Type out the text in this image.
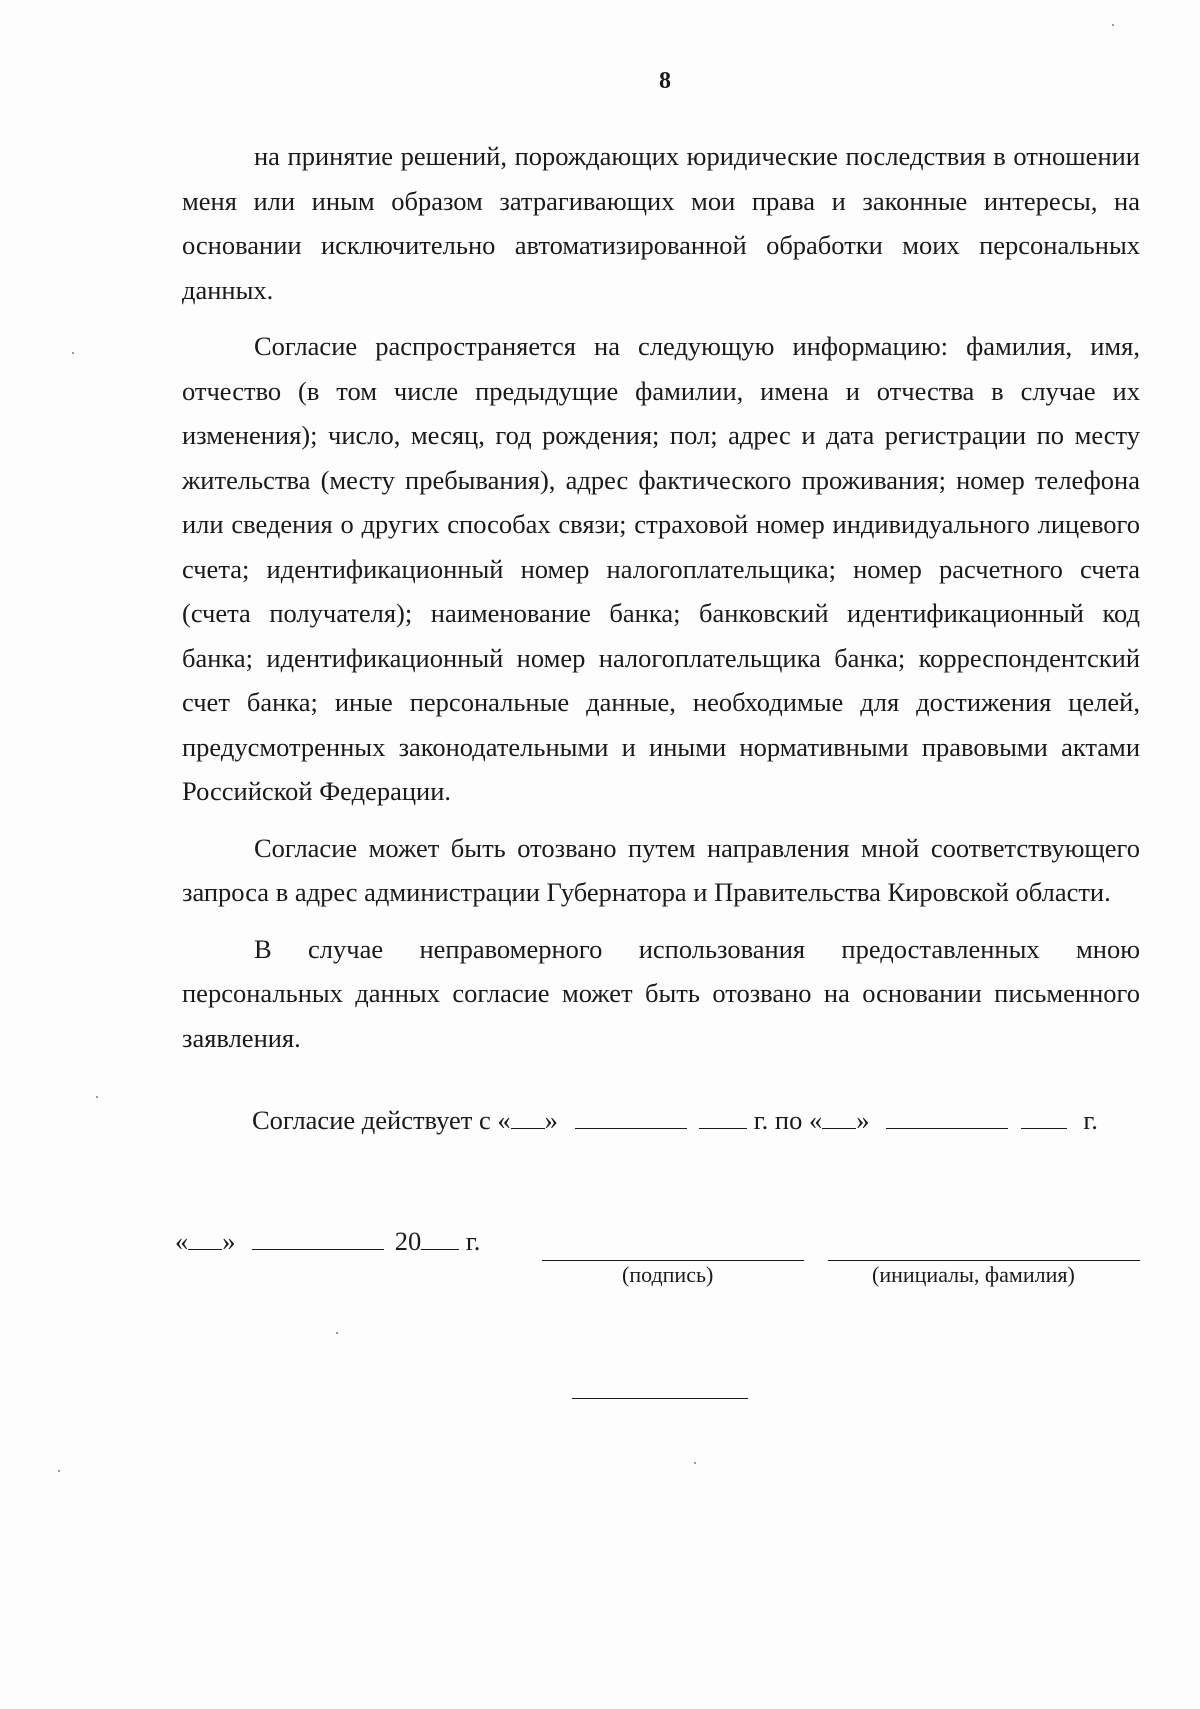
8

на принятие решений, порождающих юридические последствия в отношении меня или иным образом затрагивающих мои права и законные интересы, на основании исключительно автоматизированной обработки моих персональных данных.

Согласие распространяется на следующую информацию: фамилия, имя, отчество (в том числе предыдущие фамилии, имена и отчества в случае их изменения); число, месяц, год рождения; пол; адрес и дата регистрации по месту жительства (месту пребывания), адрес фактического проживания; номер телефона или сведения о других способах связи; страховой номер индивидуального лицевого счета; идентификационный номер налогоплательщика; номер расчетного счета (счета получателя); наименование банка; банковский идентификационный код банка; идентификационный номер налогоплательщика банка; корреспондентский счет банка; иные персональные данные, необходимые для достижения целей, предусмотренных законодательными и иными нормативными правовыми актами Российской Федерации.

Согласие может быть отозвано путем направления мной соответствующего запроса в адрес администрации Губернатора и Правительства Кировской области.

В случае неправомерного использования предоставленных мною персональных данных согласие может быть отозвано на основании письменного заявления.

Согласие действует с « »	г. по « »	г.
« »	20 г.
(подпись)	(инициалы, фамилия)
